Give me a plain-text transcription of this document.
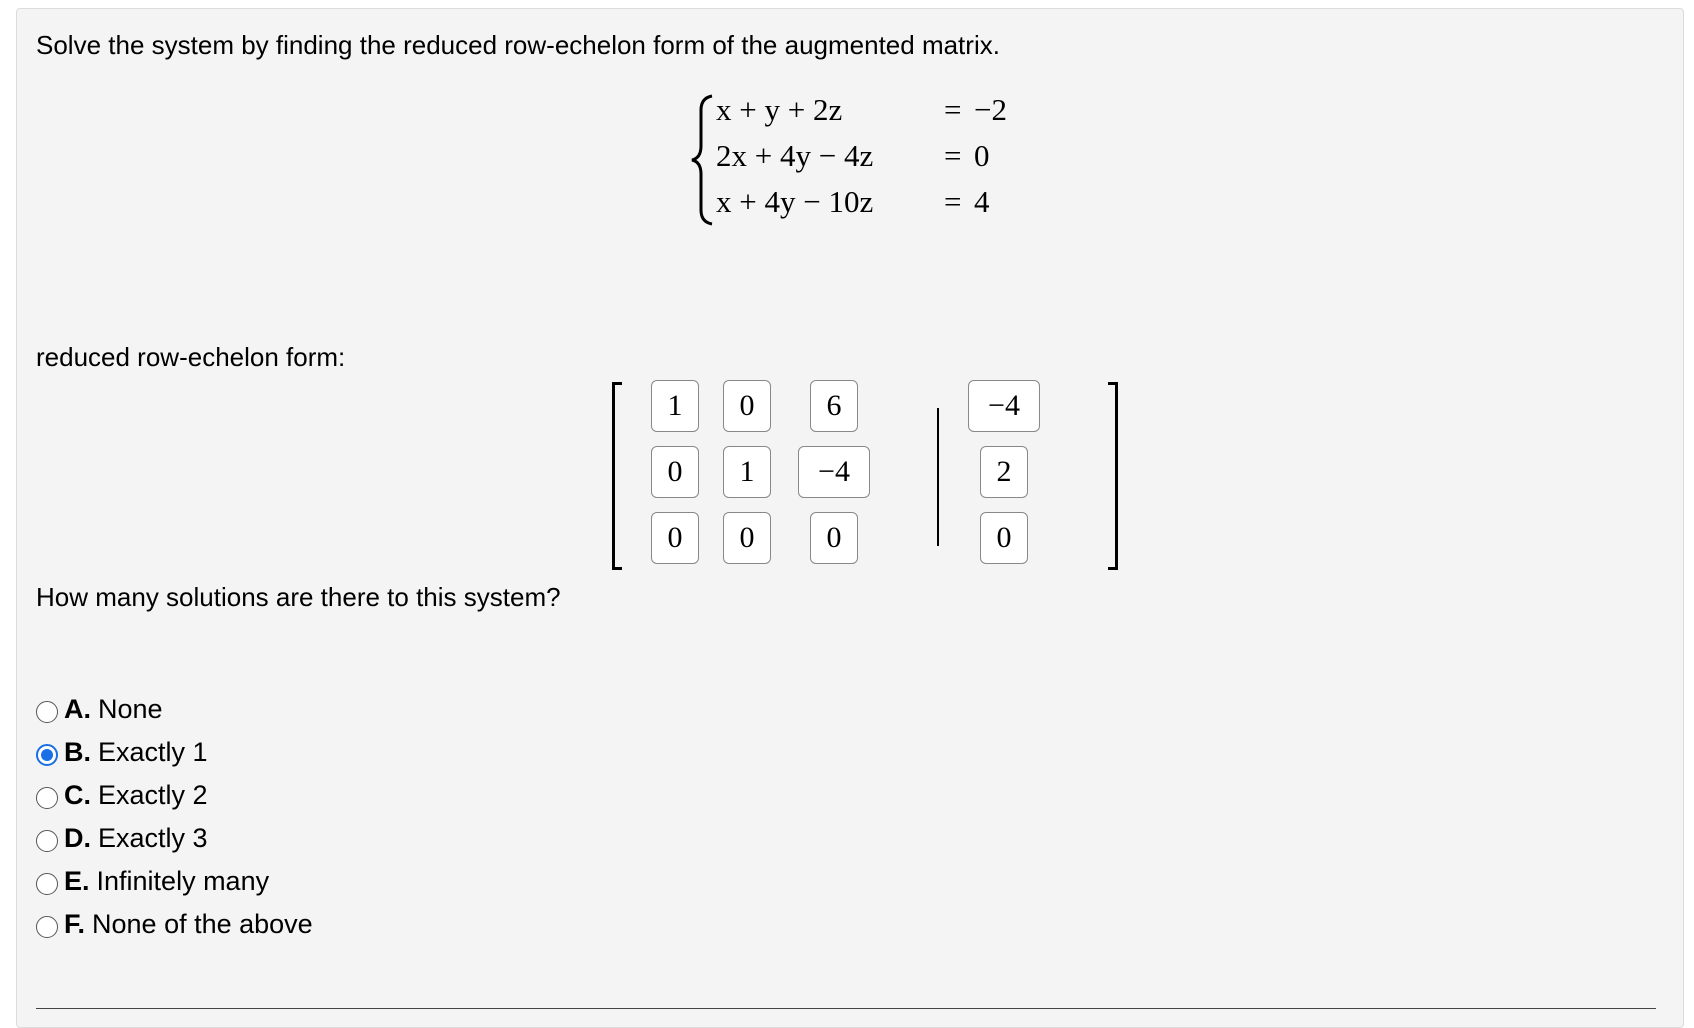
Solve the system by finding the reduced row-echelon form of the augmented matrix.
x + y + 2z	= −2
2x + 4y − 4z = 0
x + 4y − 10z = 4
reduced row-echelon form:
1	0	6	−4
0	1	−4	2
0	0	0	0
How many solutions are there to this system?
A. None
B. Exactly 1
C. Exactly 2
D. Exactly 3
E. Infinitely many
F. None of the above
